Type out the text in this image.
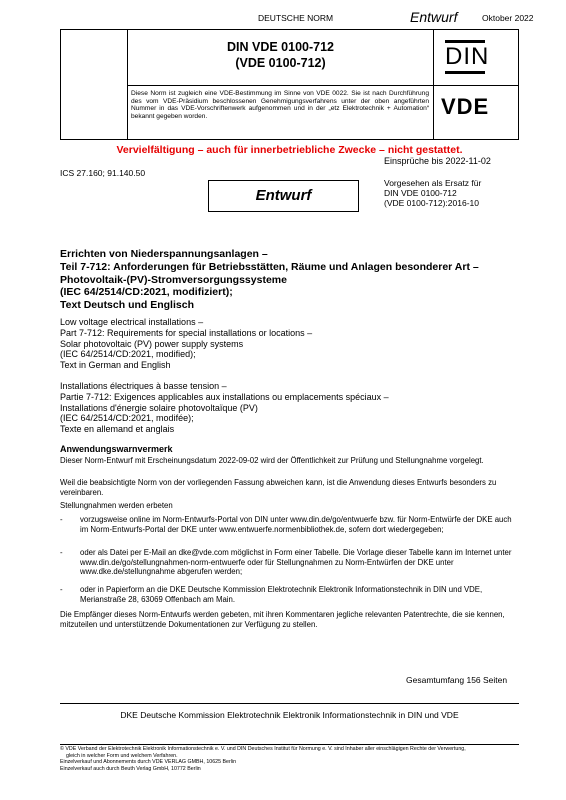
DEUTSCHE NORM	Entwurf	Oktober 2022
DIN VDE 0100-712
(VDE 0100-712)
Diese Norm ist zugleich eine VDE-Bestimmung im Sinne von VDE 0022. Sie ist nach Durchführung des vom VDE-Präsidium beschlossenen Genehmigungsverfahrens unter der oben angeführten Nummer in das VDE-Vorschriftenwerk aufgenommen und in der „etz Elektrotechnik + Automation“ bekannt gegeben worden.
DIN
VDE
Vervielfältigung – auch für innerbetriebliche Zwecke – nicht gestattet.
Einsprüche bis 2022-11-02
ICS 27.160; 91.140.50
Vorgesehen als Ersatz für
DIN VDE 0100-712
(VDE 0100-712):2016-10
Entwurf
Errichten von Niederspannungsanlagen –
Teil 7-712: Anforderungen für Betriebsstätten, Räume und Anlagen besonderer Art –
Photovoltaik-(PV)-Stromversorgungssysteme
(IEC 64/2514/CD:2021, modifiziert);
Text Deutsch und Englisch
Low voltage electrical installations –
Part 7-712: Requirements for special installations or locations –
Solar photovoltaic (PV) power supply systems
(IEC 64/2514/CD:2021, modified);
Text in German and English
Installations électriques à basse tension –
Partie 7-712: Exigences applicables aux installations ou emplacements spéciaux –
Installations d'énergie solaire photovoltaïque (PV)
(IEC 64/2514/CD:2021, modifée);
Texte en allemand et anglais
Anwendungswarnvermerk
Dieser Norm-Entwurf mit Erscheinungsdatum 2022-09-02 wird der Öffentlichkeit zur Prüfung und Stellungnahme vorgelegt.
Weil die beabsichtigte Norm von der vorliegenden Fassung abweichen kann, ist die Anwendung dieses Entwurfs besonders zu vereinbaren.
Stellungnahmen werden erbeten
- vorzugsweise online im Norm-Entwurfs-Portal von DIN unter www.din.de/go/entwuerfe bzw. für Norm-Entwürfe der DKE auch im Norm-Entwurfs-Portal der DKE unter www.entwuerfe.normenbibliothek.de, sofern dort wiedergegeben;
- oder als Datei per E-Mail an dke@vde.com möglichst in Form einer Tabelle. Die Vorlage dieser Tabelle kann im Internet unter www.din.de/go/stellungnahmen-norm-entwuerfe oder für Stellungnahmen zu Norm-Entwürfen der DKE unter www.dke.de/stellungnahme abgerufen werden;
- oder in Papierform an die DKE Deutsche Kommission Elektrotechnik Elektronik Informationstechnik in DIN und VDE, Merianstraße 28, 63069 Offenbach am Main.
Die Empfänger dieses Norm-Entwurfs werden gebeten, mit ihren Kommentaren jegliche relevanten Patentrechte, die sie kennen, mitzuteilen und unterstützende Dokumentationen zur Verfügung zu stellen.
Gesamtumfang 156 Seiten
DKE Deutsche Kommission Elektrotechnik Elektronik Informationstechnik in DIN und VDE
© VDE Verband der Elektrotechnik Elektronik Informationstechnik e. V. und DIN Deutsches Institut für Normung e. V. sind Inhaber aller einschlägigen Rechte der Verwertung,
gleich in welcher Form und welchem Verfahren.
Einzelverkauf und Abonnements durch VDE VERLAG GMBH, 10625 Berlin
Einzelverkauf auch durch Beuth Verlag GmbH, 10772 Berlin
